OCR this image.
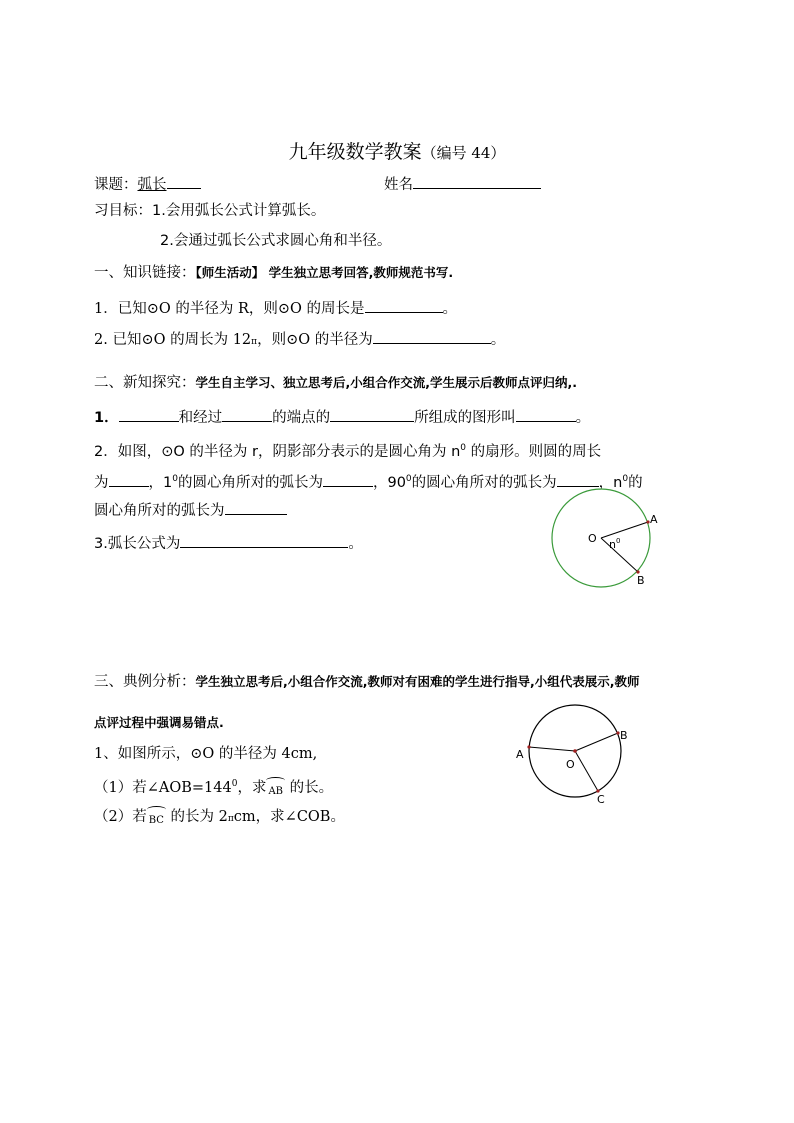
九年级数学教案（编号 44）
课题：弧长	姓名
习目标：1.会用弧长公式计算弧长。
2.会通过弧长公式求圆心角和半径。
一、知识链接：【师生活动】 学生独立思考回答,教师规范书写.
1．已知⊙O 的半径为 R，则⊙O 的周长是	。
2. 已知⊙O 的周长为 12π，则⊙O 的半径为	。
二、新知探究：学生自主学习、独立思考后,小组合作交流,学生展示后教师点评归纳,.
1．	和经过	的端点的	所组成的图形叫	。
2．如图，⊙O 的半径为 r，阴影部分表示的是圆心角为 $n^0$ 的扇形。则圆的周长
为	，$1^0$的圆心角所对的弧长为	，$90^0$的圆心角所对的弧长为	，$n^0$的
圆心角所对的弧长为
3.弧长公式为	。	O
A
B
n 0
三、典例分析：学生独立思考后,小组合作交流,教师对有困难的学生进行指导,小组代表展示,教师
点评过程中强调易错点.
1、如图所示，⊙O 的半径为 4cm,
（1）若$\angle AOB=144^0$，求 AB 的长。
（2）若 BC 的长为 2πcm，求∠COB。
O
A
B
C
